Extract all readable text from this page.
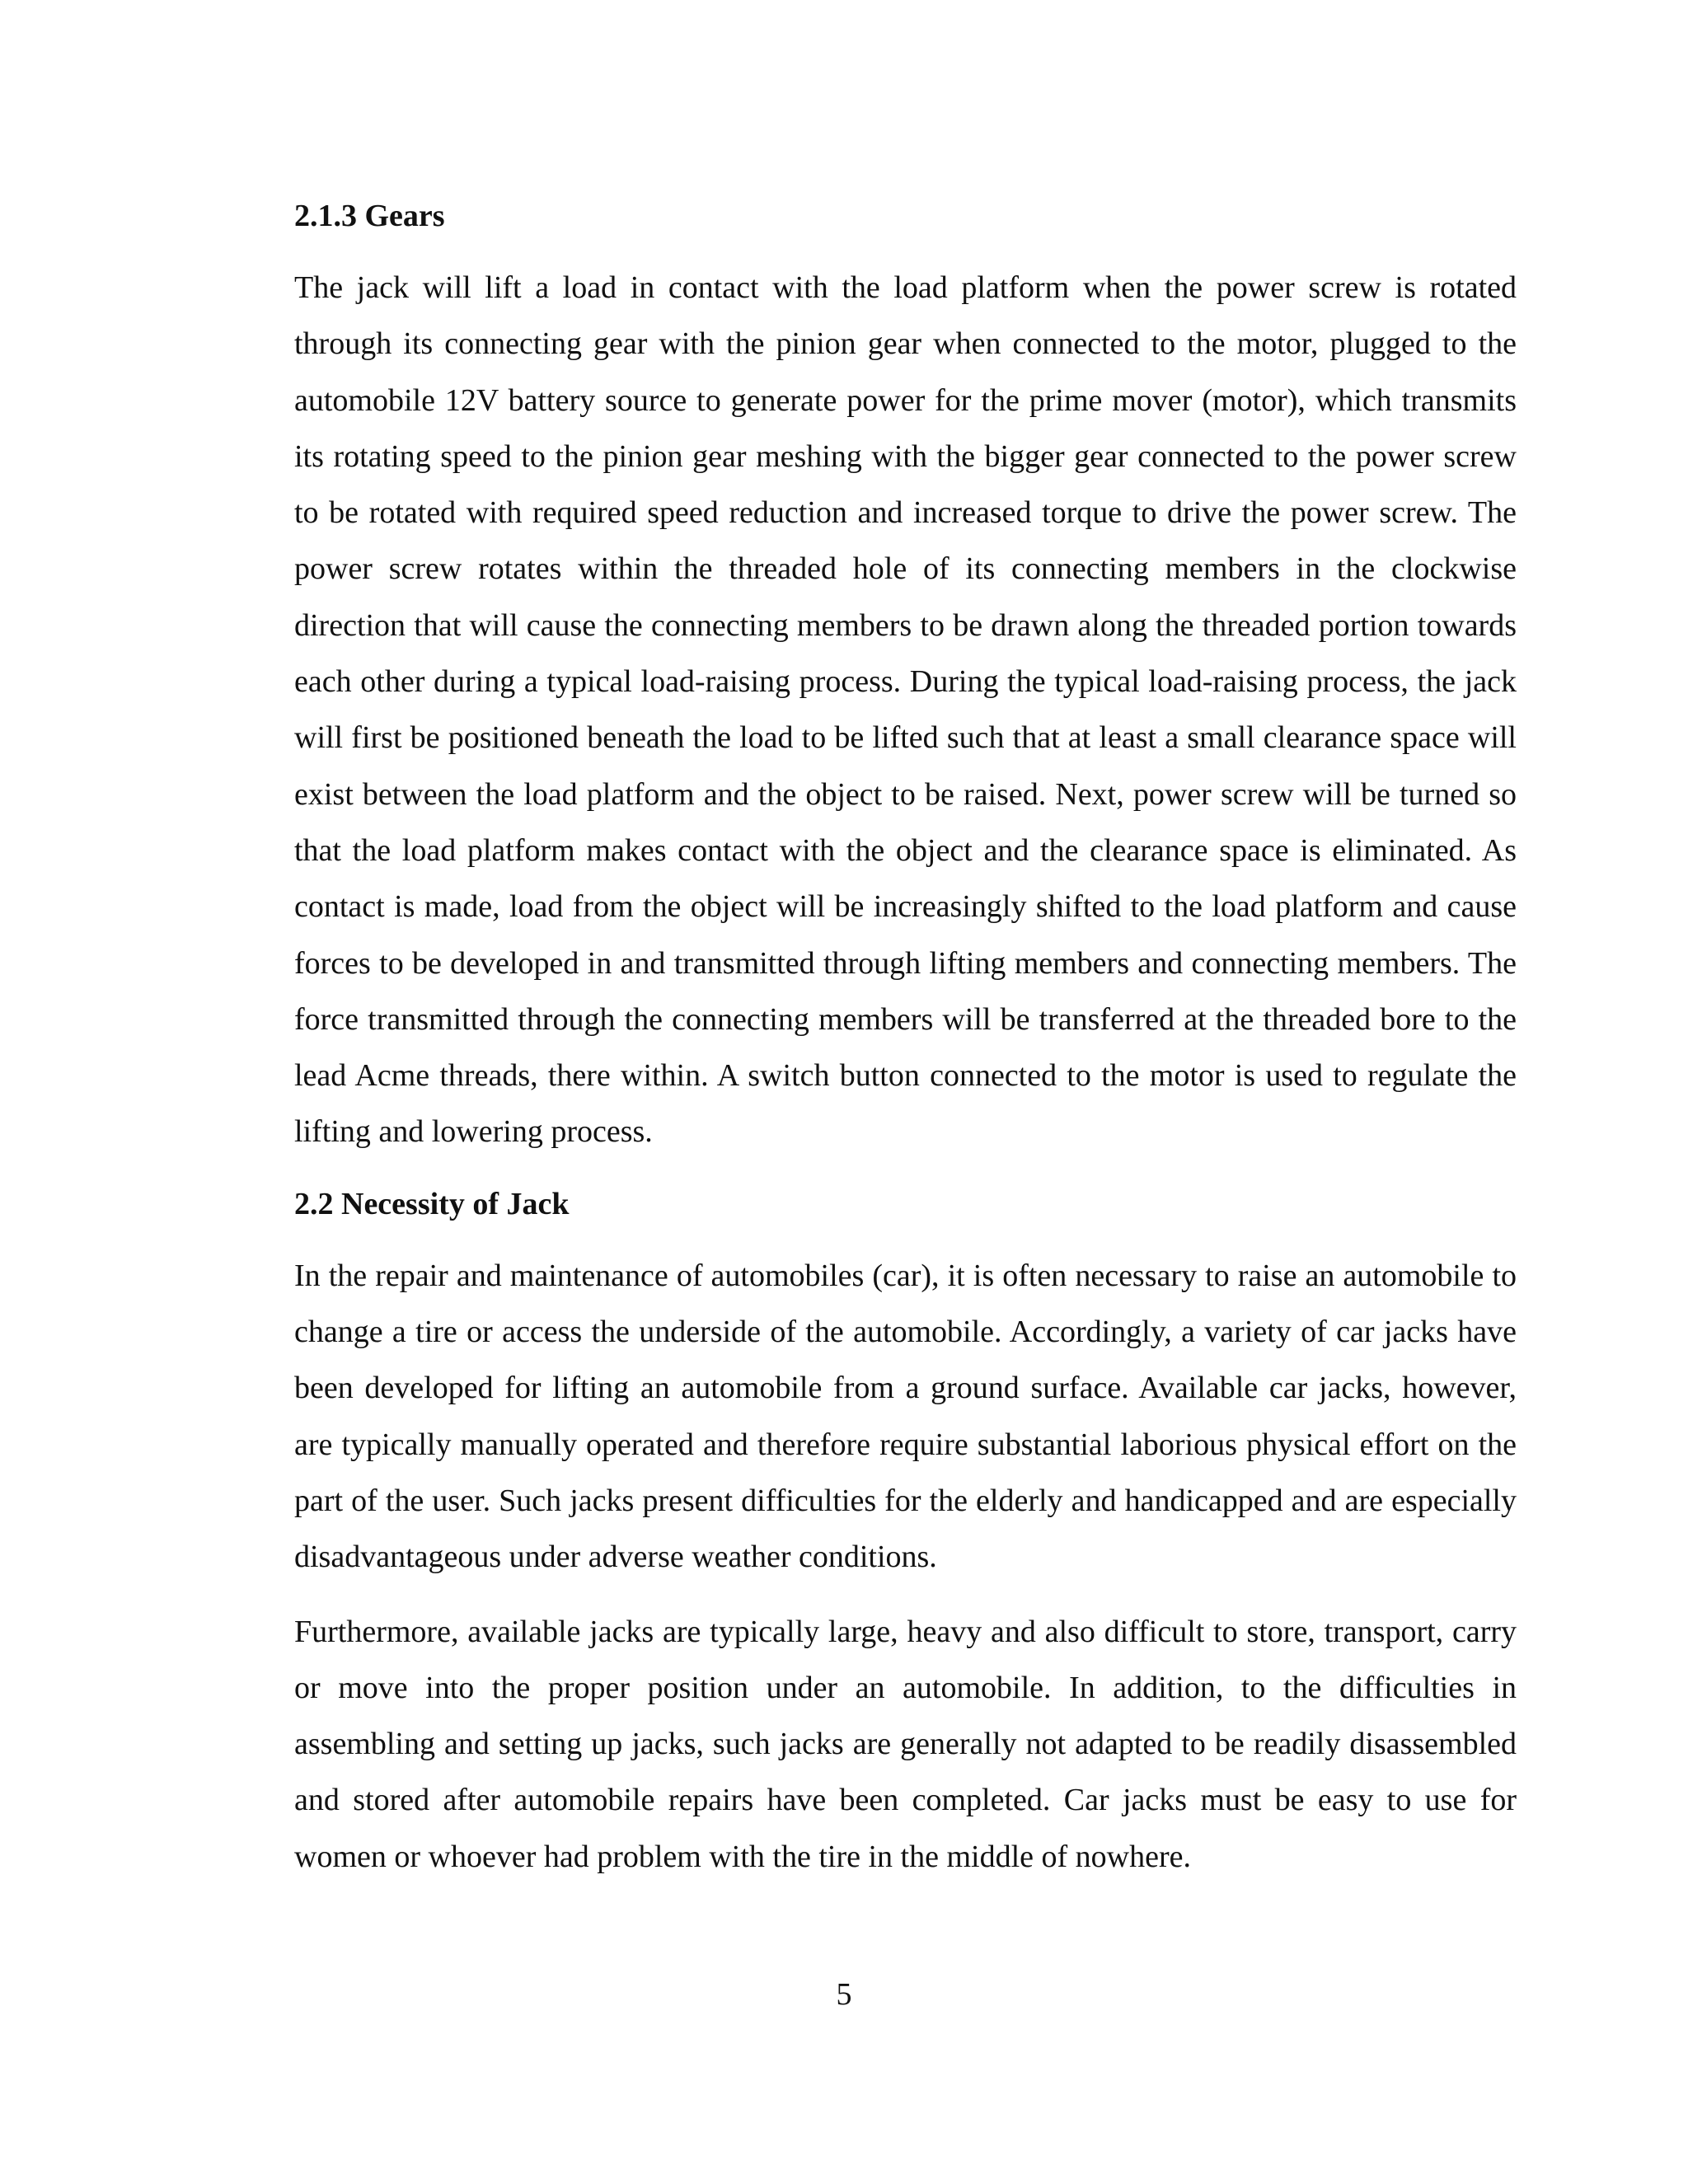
2.1.3 Gears

The jack will lift a load in contact with the load platform when the power screw is rotated through its connecting gear with the pinion gear when connected to the motor, plugged to the automobile 12V battery source to generate power for the prime mover (motor), which transmits its rotating speed to the pinion gear meshing with the bigger gear connected to the power screw to be rotated with required speed reduction and increased torque to drive the power screw. The power screw rotates within the threaded hole of its connecting members in the clockwise direction that will cause the connecting members to be drawn along the threaded portion towards each other during a typical load-raising process. During the typical load-raising process, the jack will first be positioned beneath the load to be lifted such that at least a small clearance space will exist between the load platform and the object to be raised. Next, power screw will be turned so that the load platform makes contact with the object and the clearance space is eliminated. As contact is made, load from the object will be increasingly shifted to the load platform and cause forces to be developed in and transmitted through lifting members and connecting members. The force transmitted through the connecting members will be transferred at the threaded bore to the lead Acme threads, there within. A switch button connected to the motor is used to regulate the lifting and lowering process.

2.2 Necessity of Jack

In the repair and maintenance of automobiles (car), it is often necessary to raise an automobile to change a tire or access the underside of the automobile. Accordingly, a variety of car jacks have been developed for lifting an automobile from a ground surface. Available car jacks, however, are typically manually operated and therefore require substantial laborious physical effort on the part of the user. Such jacks present difficulties for the elderly and handicapped and are especially disadvantageous under adverse weather conditions.

Furthermore, available jacks are typically large, heavy and also difficult to store, transport, carry or move into the proper position under an automobile. In addition, to the difficulties in assembling and setting up jacks, such jacks are generally not adapted to be readily disassembled and stored after automobile repairs have been completed. Car jacks must be easy to use for women or whoever had problem with the tire in the middle of nowhere.

5
